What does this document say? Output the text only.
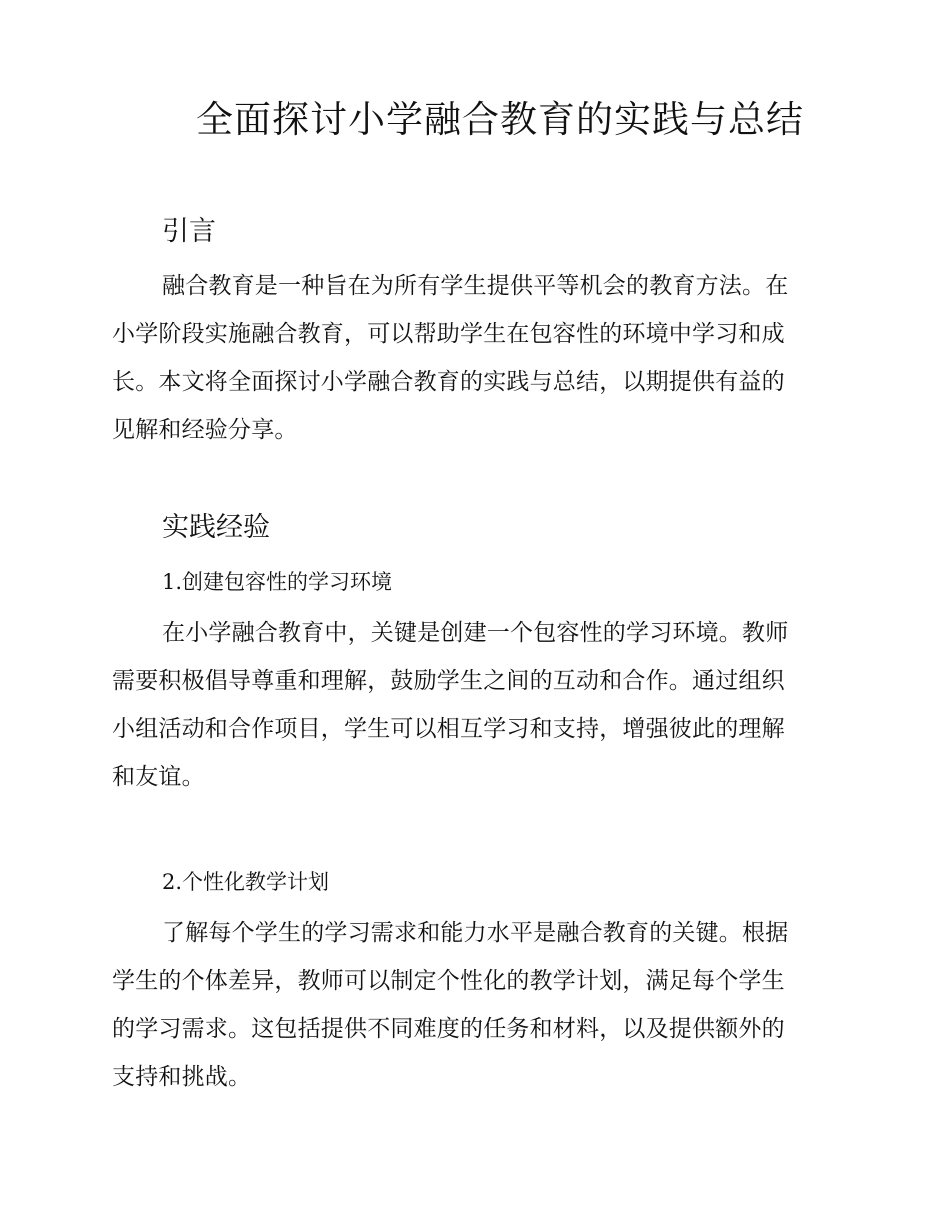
全面探讨小学融合教育的实践与总结
引言
融合教育是一种旨在为所有学生提供平等机会的教育方法。在
小学阶段实施融合教育，可以帮助学生在包容性的环境中学习和成
长。本文将全面探讨小学融合教育的实践与总结，以期提供有益的
见解和经验分享。
实践经验
1.创建包容性的学习环境
在小学融合教育中，关键是创建一个包容性的学习环境。教师
需要积极倡导尊重和理解，鼓励学生之间的互动和合作。通过组织
小组活动和合作项目，学生可以相互学习和支持，增强彼此的理解
和友谊。
2.个性化教学计划
了解每个学生的学习需求和能力水平是融合教育的关键。根据
学生的个体差异，教师可以制定个性化的教学计划，满足每个学生
的学习需求。这包括提供不同难度的任务和材料，以及提供额外的
支持和挑战。
